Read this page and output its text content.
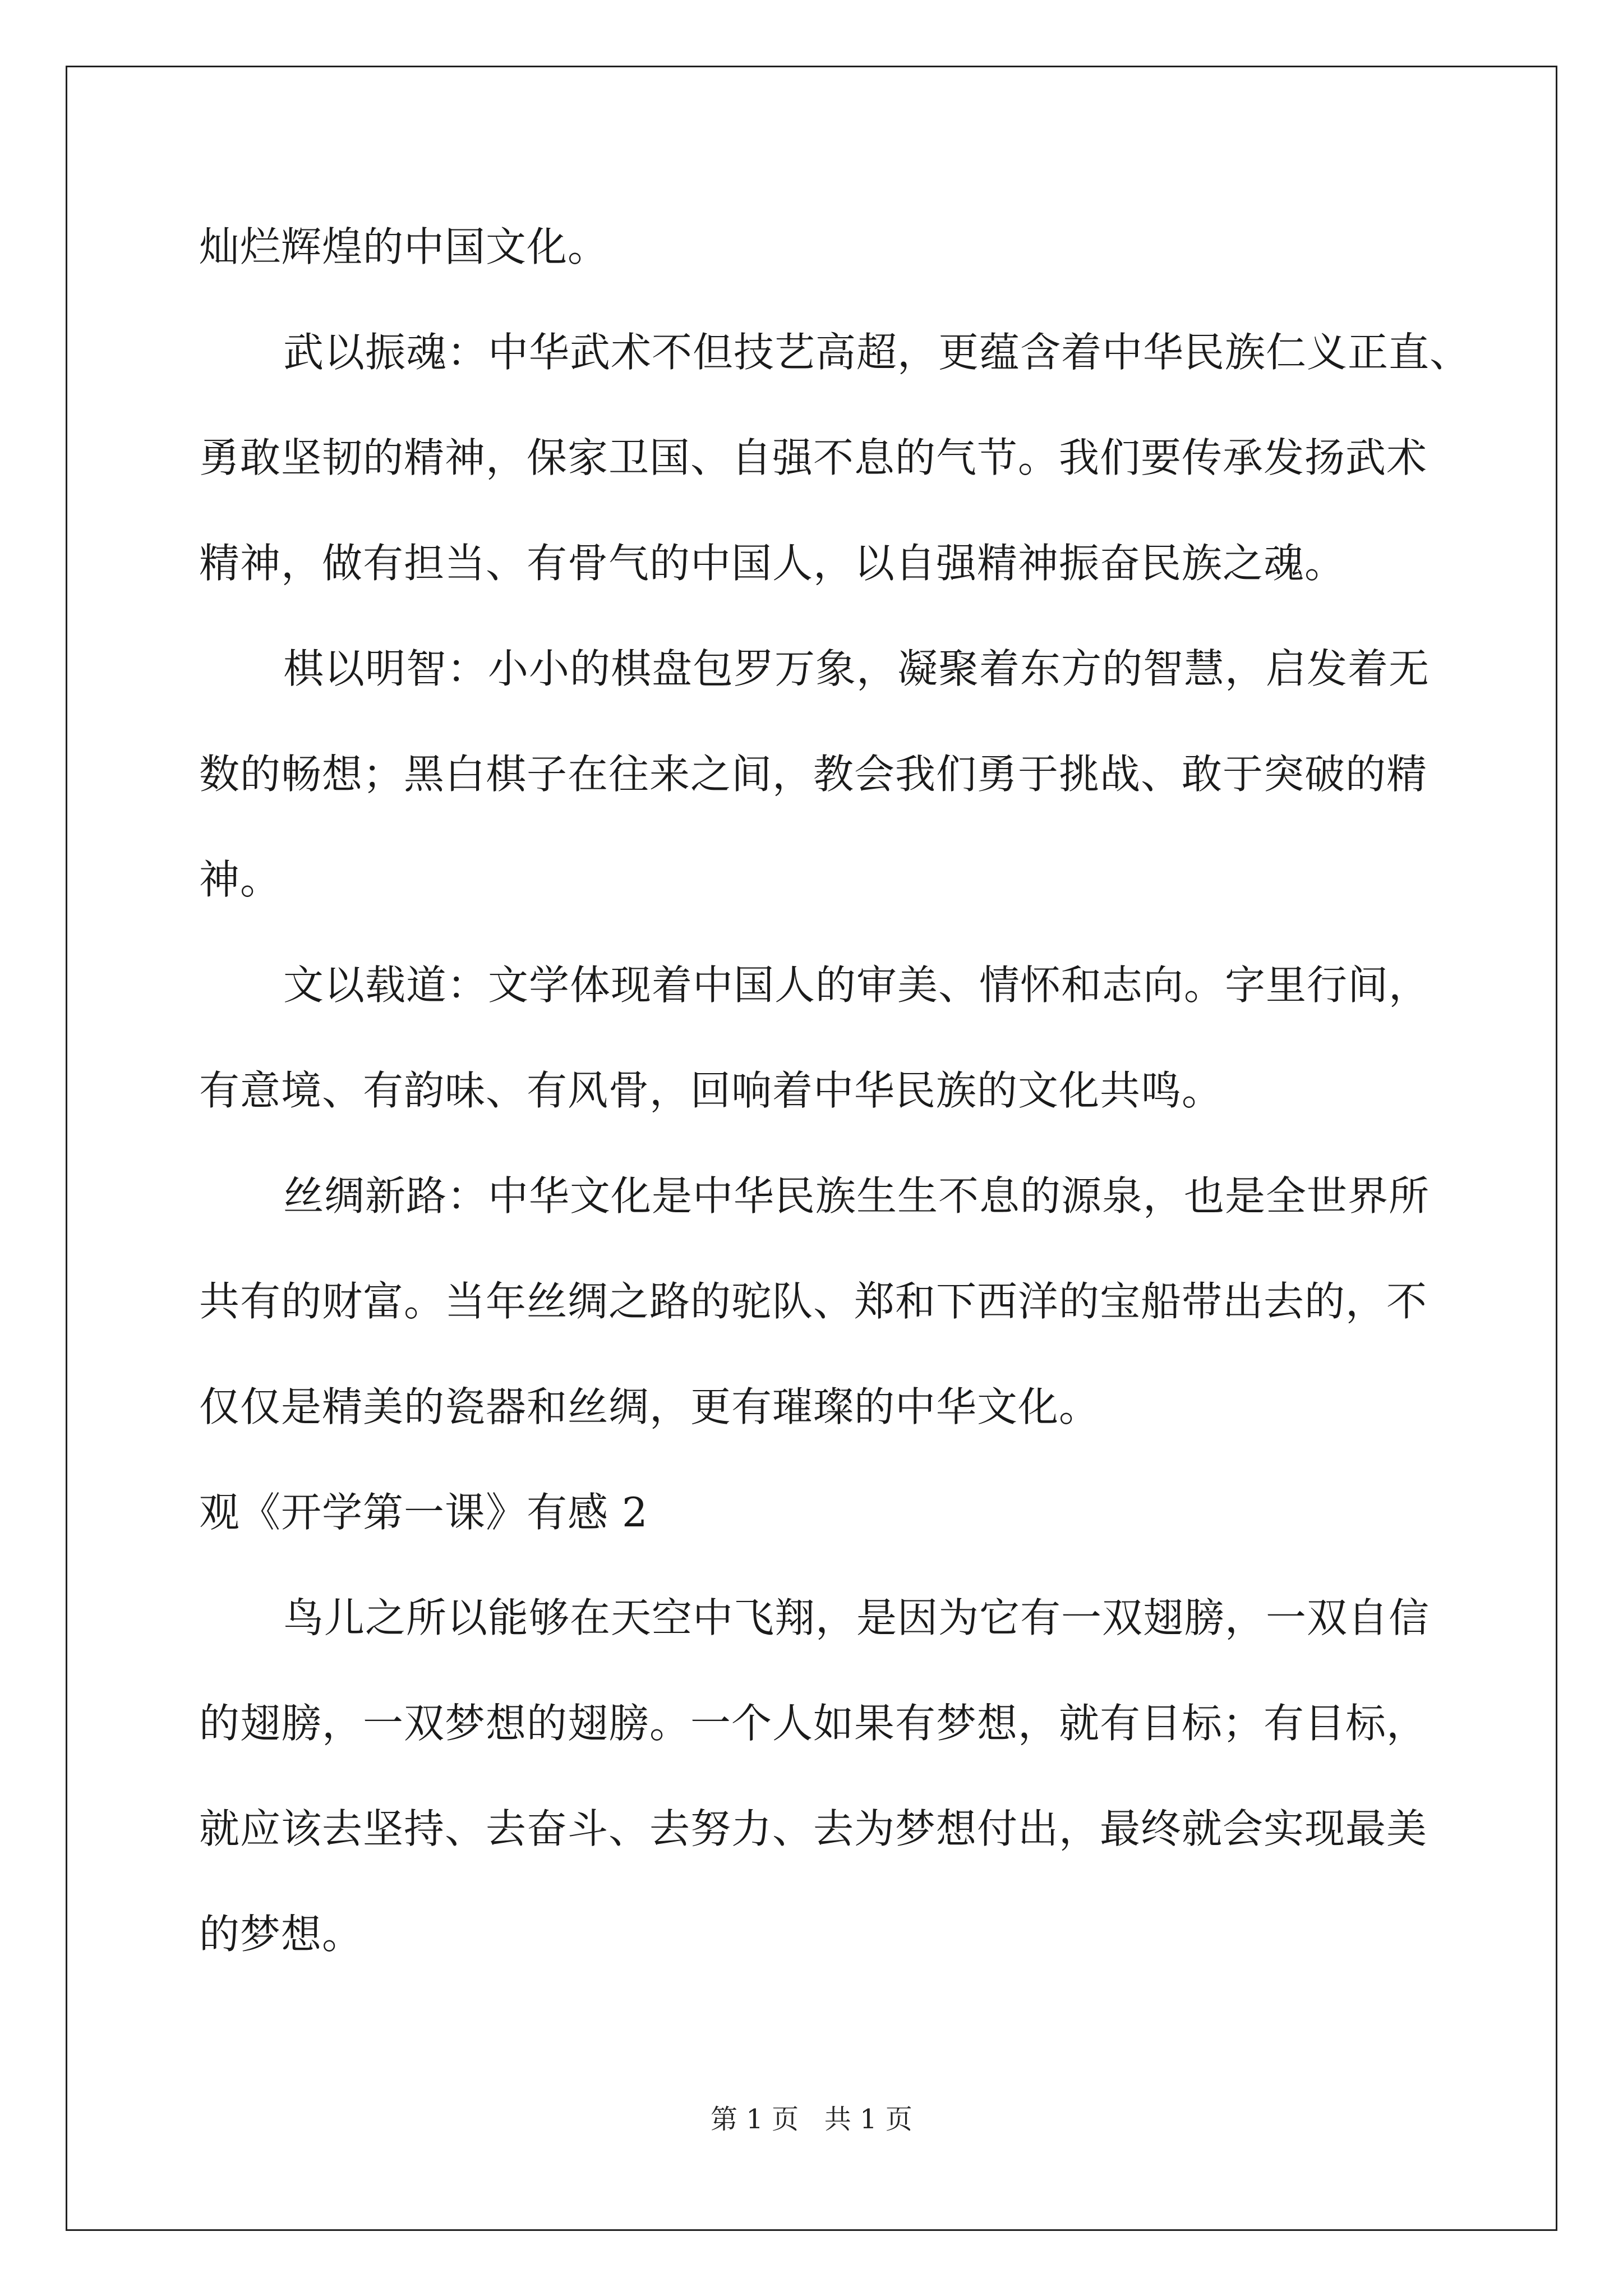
灿烂辉煌的中国文化。
武以振魂：中华武术不但技艺高超，更蕴含着中华民族仁义正直、
勇敢坚韧的精神，保家卫国、自强不息的气节。我们要传承发扬武术
精神，做有担当、有骨气的中国人，以自强精神振奋民族之魂。
棋以明智：小小的棋盘包罗万象，凝聚着东方的智慧，启发着无
数的畅想；黑白棋子在往来之间，教会我们勇于挑战、敢于突破的精
神。
文以载道：文学体现着中国人的审美、情怀和志向。字里行间，
有意境、有韵味、有风骨，回响着中华民族的文化共鸣。
丝绸新路：中华文化是中华民族生生不息的源泉，也是全世界所
共有的财富。当年丝绸之路的驼队、郑和下西洋的宝船带出去的，不
仅仅是精美的瓷器和丝绸，更有璀璨的中华文化。
观《开学第一课》有感 2
鸟儿之所以能够在天空中飞翔，是因为它有一双翅膀，一双自信
的翅膀，一双梦想的翅膀。一个人如果有梦想，就有目标；有目标，
就应该去坚持、去奋斗、去努力、去为梦想付出，最终就会实现最美
的梦想。
第 1 页   共 1 页
